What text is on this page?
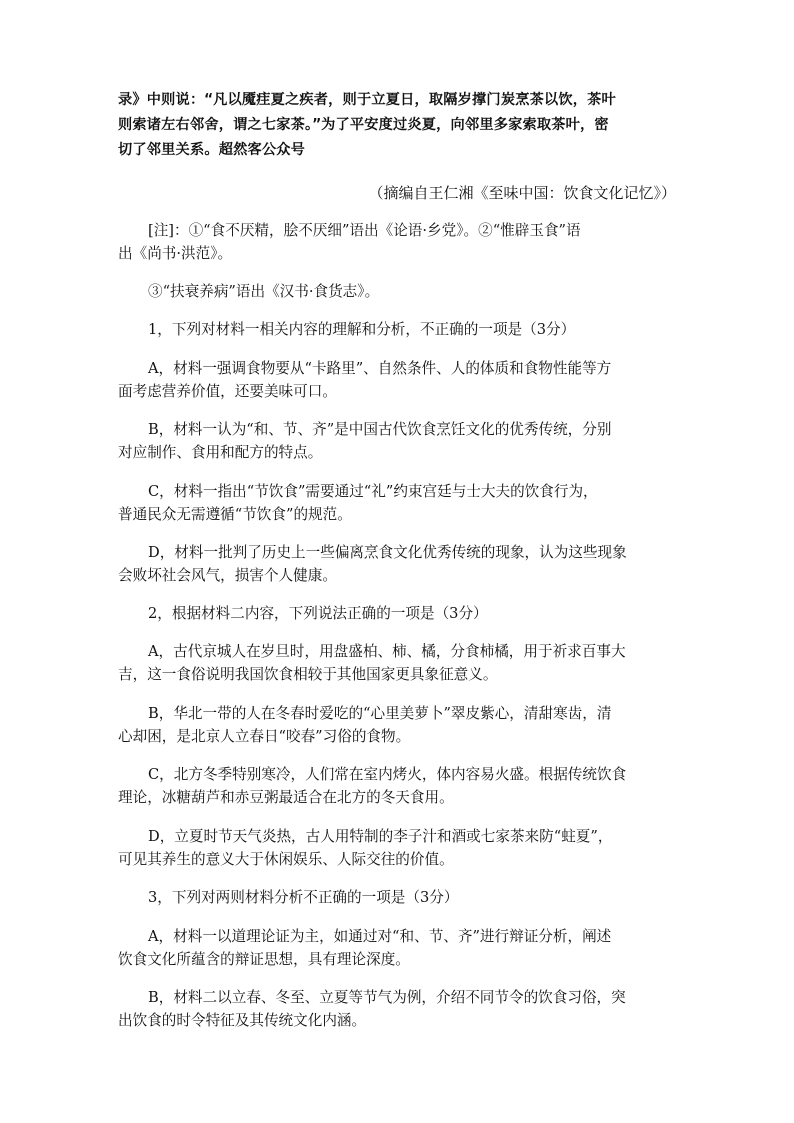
录》中则说：“凡以魇疰夏之疾者，则于立夏日，取隔岁撑门炭烹茶以饮，茶叶
则索诸左右邻舍，谓之七家茶。”为了平安度过炎夏，向邻里多家索取茶叶，密
切了邻里关系。超然客公众号
（摘编自王仁湘《至味中国：饮食文化记忆》）
[注]：①“食不厌精，脍不厌细”语出《论语·乡党》。②“惟辟玉食”语
出《尚书·洪范》。
③“扶衰养病”语出《汉书·食货志》。
1，下列对材料一相关内容的理解和分析，不正确的一项是（3分）
A，材料一强调食物要从“卡路里”、自然条件、人的体质和食物性能等方
面考虑营养价值，还要美味可口。
B，材料一认为“和、节、齐”是中国古代饮食烹饪文化的优秀传统，分别
对应制作、食用和配方的特点。
C，材料一指出“节饮食”需要通过“礼”约束宫廷与士大夫的饮食行为，
普通民众无需遵循“节饮食”的规范。
D，材料一批判了历史上一些偏离烹食文化优秀传统的现象，认为这些现象
会败坏社会风气，损害个人健康。
2，根据材料二内容，下列说法正确的一项是（3分）
A，古代京城人在岁旦时，用盘盛柏、柿、橘，分食柿橘，用于祈求百事大
吉，这一食俗说明我国饮食相较于其他国家更具象征意义。
B，华北一带的人在冬春时爱吃的“心里美萝卜”翠皮紫心，清甜寒齿，清
心却困，是北京人立春日“咬春”习俗的食物。
C，北方冬季特别寒冷，人们常在室内烤火，体内容易火盛。根据传统饮食
理论，冰糖葫芦和赤豆粥最适合在北方的冬天食用。
D，立夏时节天气炎热，古人用特制的李子汁和酒或七家茶来防“蛀夏”，
可见其养生的意义大于休闲娱乐、人际交往的价值。
3，下列对两则材料分析不正确的一项是（3分）
A，材料一以道理论证为主，如通过对“和、节、齐”进行辩证分析，阐述
饮食文化所蕴含的辩证思想，具有理论深度。
B，材料二以立春、冬至、立夏等节气为例，介绍不同节令的饮食习俗，突
出饮食的时令特征及其传统文化内涵。
